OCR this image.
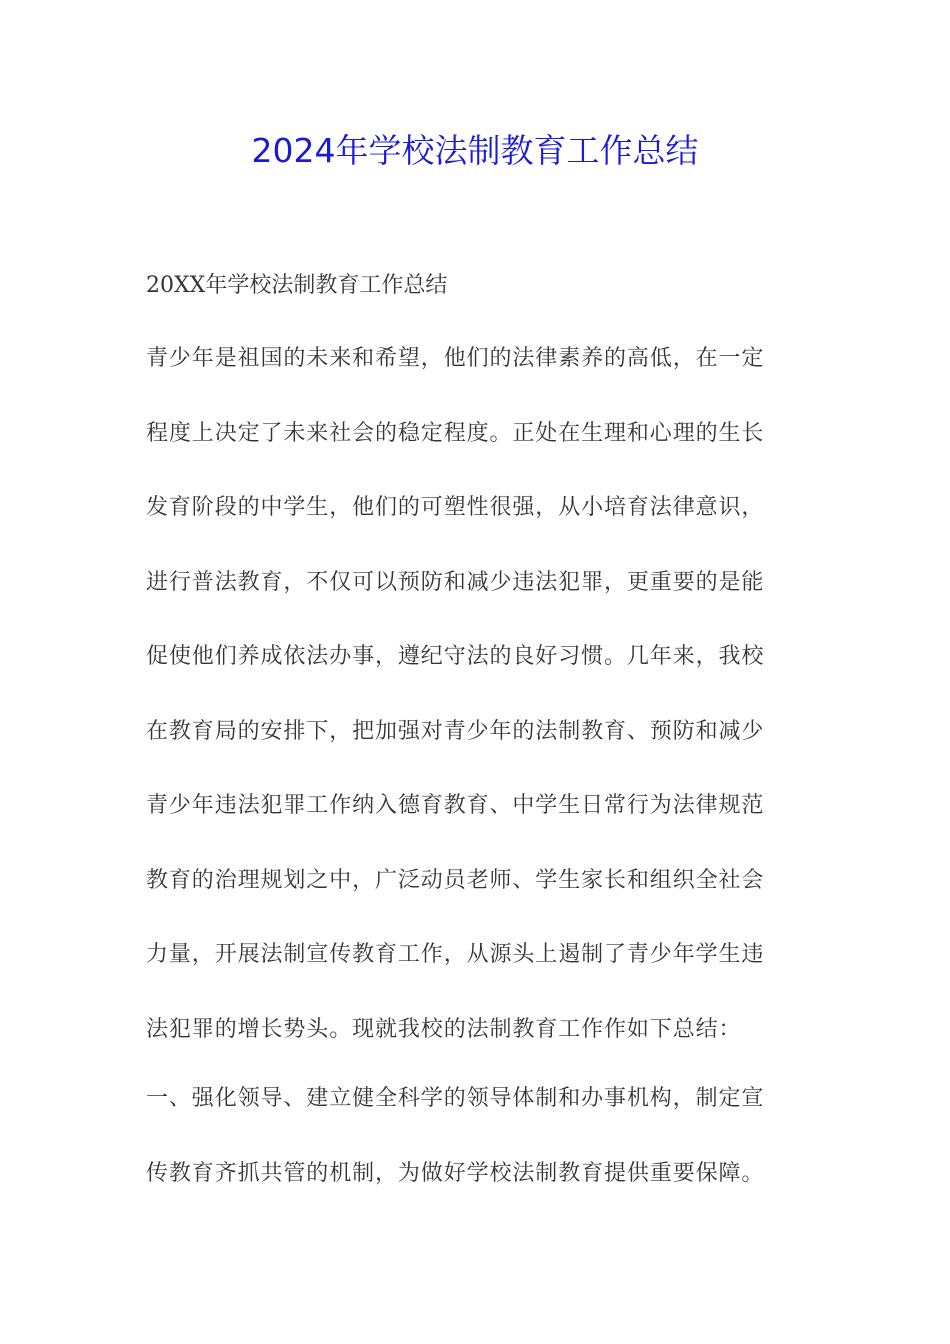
2024年学校法制教育工作总结

20XX年学校法制教育工作总结

青少年是祖国的未来和希望，他们的法律素养的高低，在一定
程度上决定了未来社会的稳定程度。正处在生理和心理的生长
发育阶段的中学生，他们的可塑性很强，从小培育法律意识，
进行普法教育，不仅可以预防和减少违法犯罪，更重要的是能
促使他们养成依法办事，遵纪守法的良好习惯。几年来，我校
在教育局的安排下，把加强对青少年的法制教育、预防和减少
青少年违法犯罪工作纳入德育教育、中学生日常行为法律规范
教育的治理规划之中，广泛动员老师、学生家长和组织全社会
力量，开展法制宣传教育工作，从源头上遏制了青少年学生违
法犯罪的增长势头。现就我校的法制教育工作作如下总结：
一、强化领导、建立健全科学的领导体制和办事机构，制定宣
传教育齐抓共管的机制，为做好学校法制教育提供重要保障。
